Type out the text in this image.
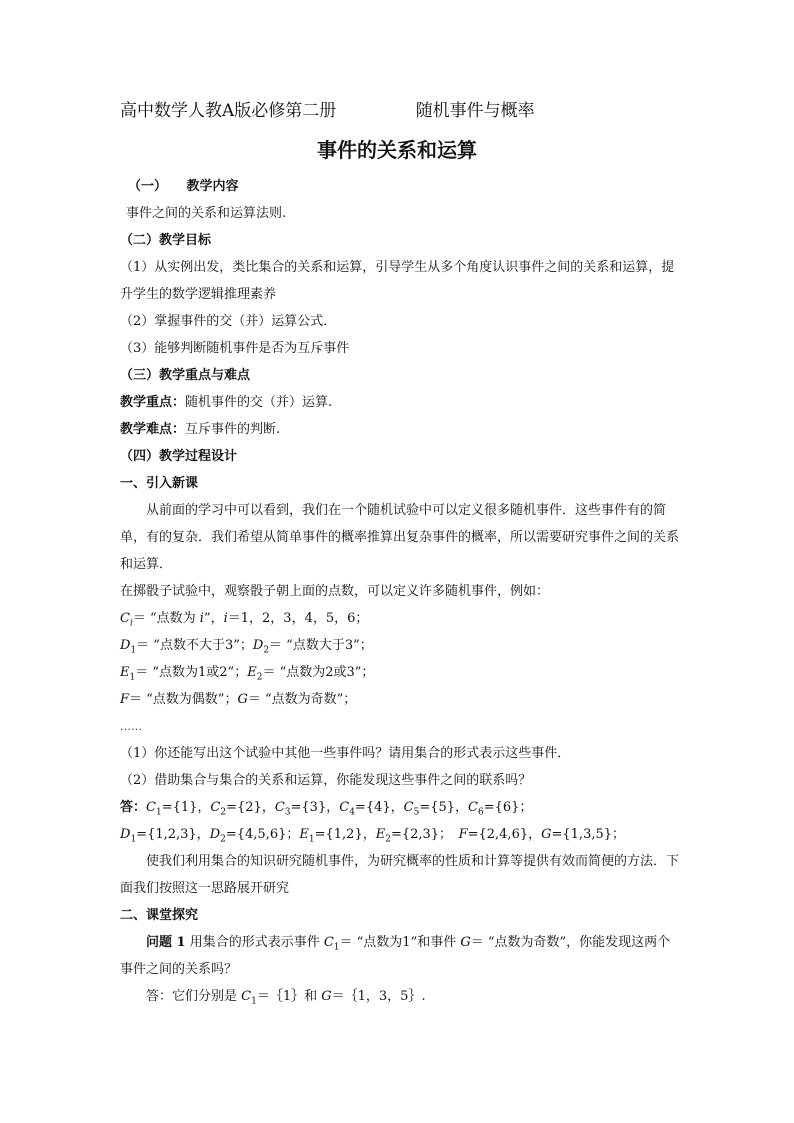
高中数学人教A版必修第二册	随机事件与概率
事件的关系和运算
（一）　　教学内容
事件之间的关系和运算法则.
（二）教学目标
（1）从实例出发，类比集合的关系和运算，引导学生从多个角度认识事件之间的关系和运算，提升学生的数学逻辑推理素养
（2）掌握事件的交（并）运算公式．
（3）能够判断随机事件是否为互斥事件
（三）教学重点与难点
教学重点：随机事件的交（并）运算.
教学难点：互斥事件的判断.
（四）教学过程设计
一、引入新课
从前面的学习中可以看到，我们在一个随机试验中可以定义很多随机事件．这些事件有的简单，有的复杂．我们希望从简单事件的概率推算出复杂事件的概率，所以需要研究事件之间的关系和运算．
在掷骰子试验中，观察骰子朝上面的点数，可以定义许多随机事件，例如：
$C_i=$ “点数为 i”，i＝1，2，3，4，5，6；
$D_1=$ “点数不大于3”；$D_2=$ “点数大于3”；
$E_1=$ “点数为1或2”；$E_2=$ “点数为2或3”；
F＝ “点数为偶数”；G＝ “点数为奇数”；
……
（1）你还能写出这个试验中其他一些事件吗？请用集合的形式表示这些事件．
（2）借助集合与集合的关系和运算，你能发现这些事件之间的联系吗？
答：$C_1=\{1\}$，$C_2=\{2\}$，$C_3=\{3\}$，$C_4=\{4\}$，$C_5=\{5\}$，$C_6=\{6\}$；
$D_1=\{1,2,3\}$，$D_2=\{4,5,6\}$；$E_1=\{1,2\}$，$E_2=\{2,3\}$；　F={2,4,6}，G={1,3,5}；
使我们利用集合的知识研究随机事件，为研究概率的性质和计算等提供有效而简便的方法．下面我们按照这一思路展开研究
二、课堂探究
问题 1 用集合的形式表示事件 $C_1=$ “点数为1”和事件 G＝ “点数为奇数”，你能发现这两个事件之间的关系吗？
答：它们分别是 $C_1=\{1\}$和 G＝｛1，3，5｝.
